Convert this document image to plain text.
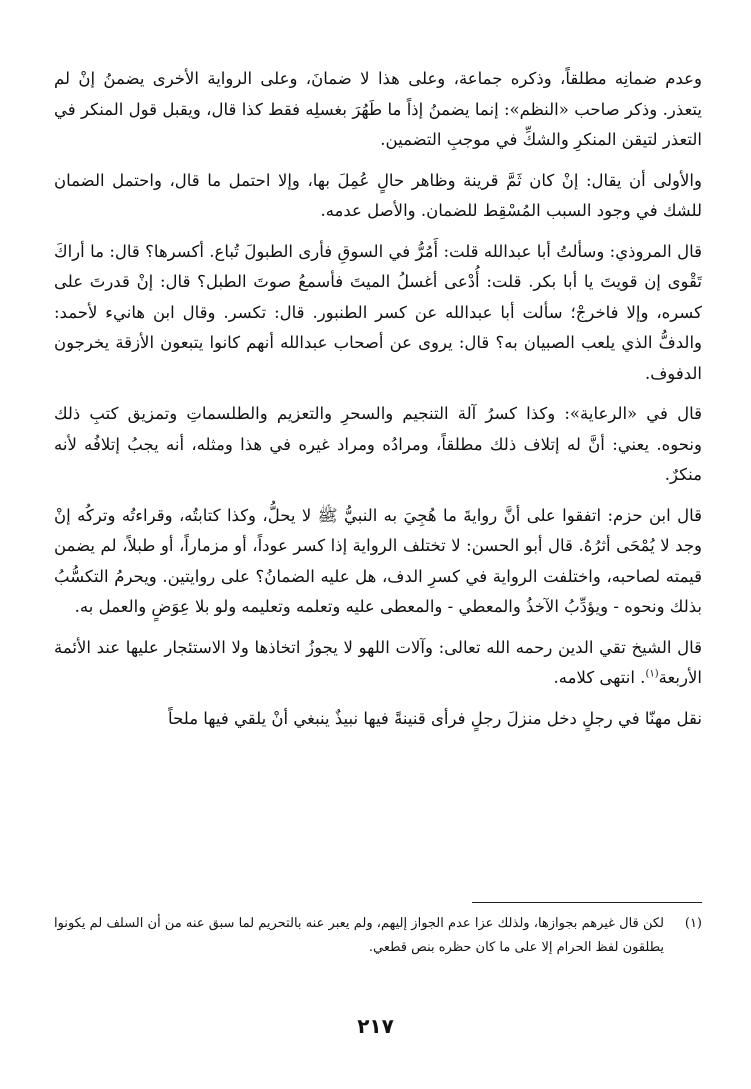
وعدم ضمانِه مطلقاً، وذكره جماعة، وعلى هذا لا ضمانَ، وعلى الرواية الأخرى يضمنُ إنْ لم يتعذر. وذكر صاحب «النظم»: إنما يضمنُ إذاً ما طَهُرَ بغسلِه فقط كذا قال، ويقبل قول المنكر في التعذر لتيقن المنكرِ والشكِّ في موجبِ التضمين.

والأولى أن يقال: إنْ كان ثَمَّ قرينة وظاهر حالٍ عُمِلَ بها، وإلا احتمل ما قال، واحتمل الضمان للشك في وجود السبب المُسْقِط للضمان. والأصل عدمه.

قال المروذي: وسألتُ أبا عبدالله قلت: أَمُرُّ في السوقِ فأرى الطبولَ تُباع. أكسرها؟ قال: ما أراكَ تَقْوى إن قويتَ يا أبا بكر. قلت: أُدْعى أغسلُ الميتَ فأسمعُ صوتَ الطبل؟ قال: إنْ قدرتَ على كسره، وإلا فاخرجْ؛ سألت أبا عبدالله عن كسر الطنبور. قال: تكسر. وقال ابن هانيء لأحمد: والدفُّ الذي يلعب الصبيان به؟ قال: يروى عن أصحاب عبدالله أنهم كانوا يتبعون الأزقة يخرجون الدفوف.

قال في «الرعاية»: وكذا كسرُ آلة التنجيم والسحرِ والتعزيم والطلسماتِ وتمزيق كتبِ ذلك ونحوه. يعني: أنَّ له إتلاف ذلك مطلقاً، ومرادُه ومراد غيره في هذا ومثله، أنه يجبُ إتلافُه لأنه منكرٌ.

قال ابن حزم: اتفقوا على أنَّ روايةَ ما هُجِيَ به النبيُّ ﷺ لا يحلُّ، وكذا كتابتُه، وقراءتُه وتركُه إنْ وجد لا يُمْحَى أثرُهُ. قال أبو الحسن: لا تختلف الرواية إذا كسر عوداً، أو مزماراً، أو طبلاً، لم يضمن قيمته لصاحبه، واختلفت الرواية في كسرِ الدف، هل عليه الضمانُ؟ على روايتين. ويحرمُ التكسُّبُ بذلك ونحوه - ويؤدِّبُ الآخذُ والمعطي - والمعطى عليه وتعلمه وتعليمه ولو بلا عِوَضٍ والعمل به.

قال الشيخ تقي الدين رحمه الله تعالى: وآلات اللهو لا يجوزُ اتخاذها ولا الاستئجار عليها عند الأئمة الأربعة$^{(١)}$. انتهى كلامه.

نقل مهنّا في رجلٍ دخل منزلَ رجلٍ فرأى قنينةً فيها نبيذٌ ينبغي أنْ يلقي فيها ملحاً

(١)
لكن قال غيرهم بجوازها، ولذلك عزا عدم الجواز إليهم، ولم يعبر عنه بالتحريم لما سبق عنه من أن السلف لم يكونوا يطلقون لفظ الحرام إلا على ما كان حظره بنص قطعي.
٢١٧
